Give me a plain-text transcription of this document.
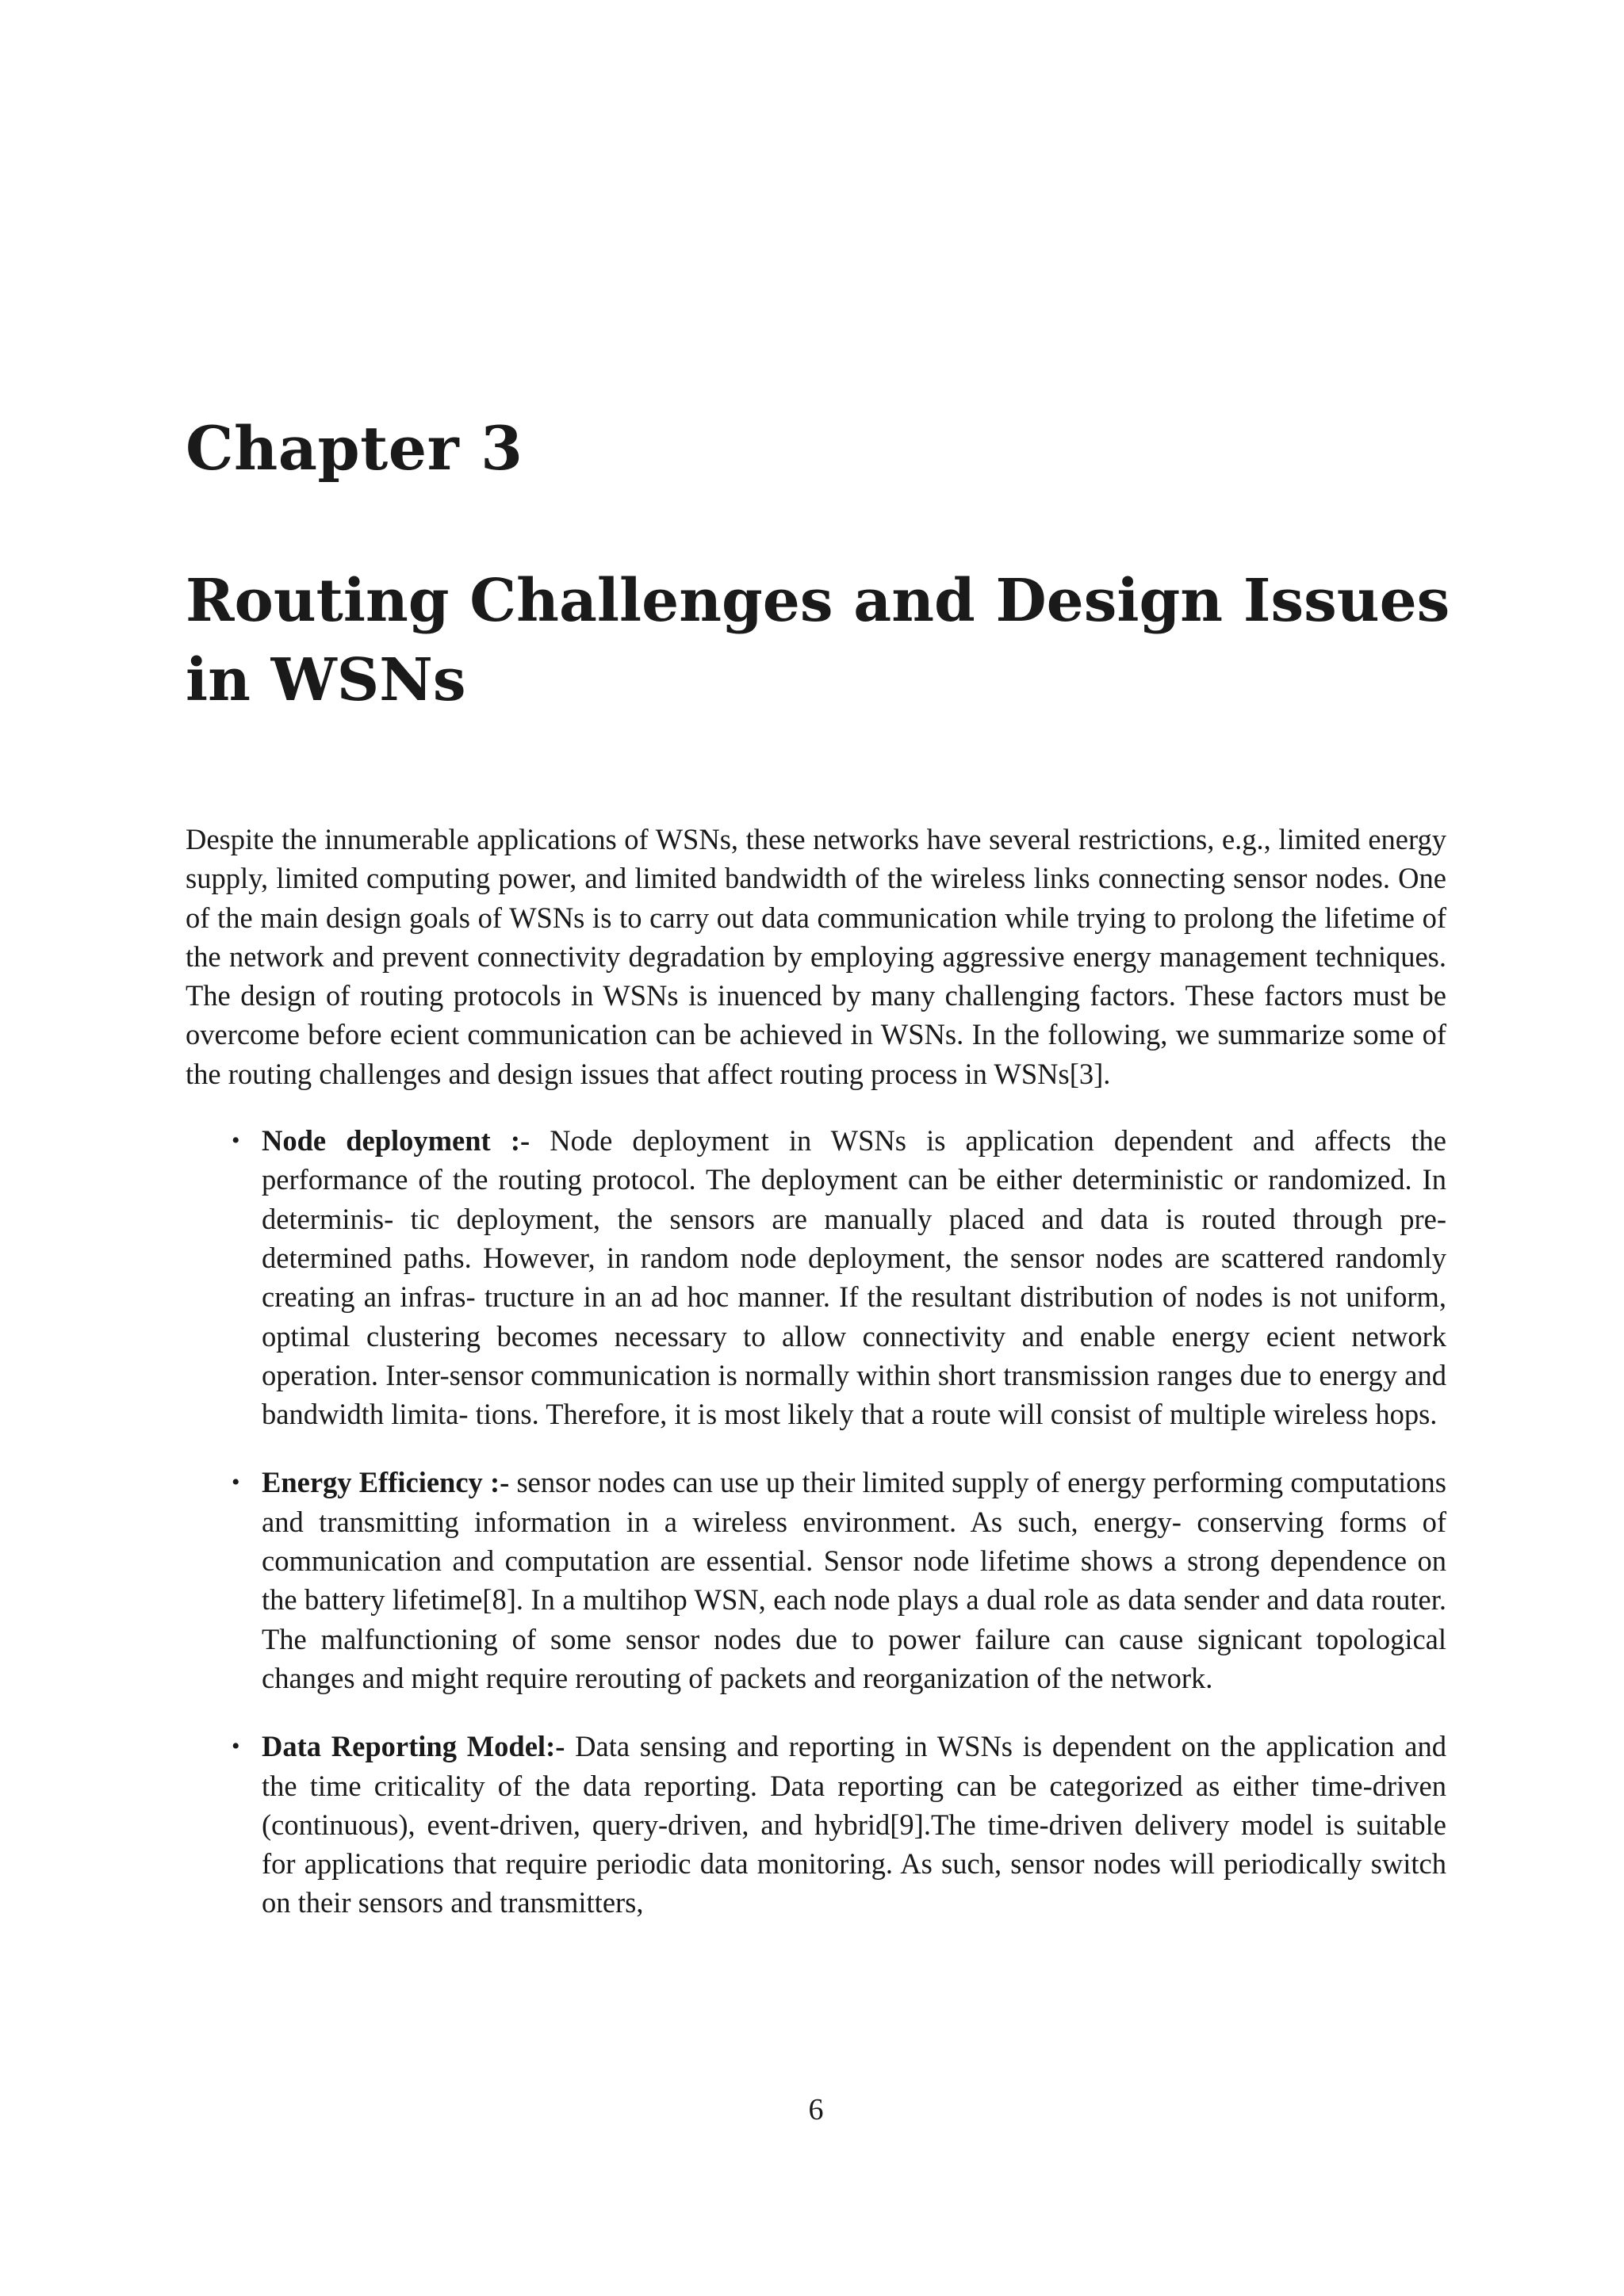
Chapter 3
Routing Challenges and Design Issues in WSNs

Despite the innumerable applications of WSNs, these networks have several restrictions, e.g., limited energy supply, limited computing power, and limited bandwidth of the wireless links connecting sensor nodes. One of the main design goals of WSNs is to carry out data communication while trying to prolong the lifetime of the network and prevent connectivity degradation by employing aggressive energy management techniques. The design of routing protocols in WSNs is inuenced by many challenging factors. These factors must be overcome before ecient communication can be achieved in WSNs. In the following, we summarize some of the routing challenges and design issues that affect routing process in WSNs[3].

• Node deployment :- Node deployment in WSNs is application dependent and affects the performance of the routing protocol. The deployment can be either deterministic or randomized. In determinis- tic deployment, the sensors are manually placed and data is routed through pre-determined paths. However, in random node deployment, the sensor nodes are scattered randomly creating an infras- tructure in an ad hoc manner. If the resultant distribution of nodes is not uniform, optimal clustering becomes necessary to allow connectivity and enable energy ecient network operation. Inter-sensor communication is normally within short transmission ranges due to energy and bandwidth limita- tions. Therefore, it is most likely that a route will consist of multiple wireless hops.
• Energy Efficiency :- sensor nodes can use up their limited supply of energy performing computations and transmitting information in a wireless environment. As such, energy- conserving forms of communication and computation are essential. Sensor node lifetime shows a strong dependence on the battery lifetime[8]. In a multihop WSN, each node plays a dual role as data sender and data router. The malfunctioning of some sensor nodes due to power failure can cause signicant topological changes and might require rerouting of packets and reorganization of the network.
• Data Reporting Model:- Data sensing and reporting in WSNs is dependent on the application and the time criticality of the data reporting. Data reporting can be categorized as either time-driven (continuous), event-driven, query-driven, and hybrid[9].The time-driven delivery model is suitable for applications that require periodic data monitoring. As such, sensor nodes will periodically switch on their sensors and transmitters,
6
